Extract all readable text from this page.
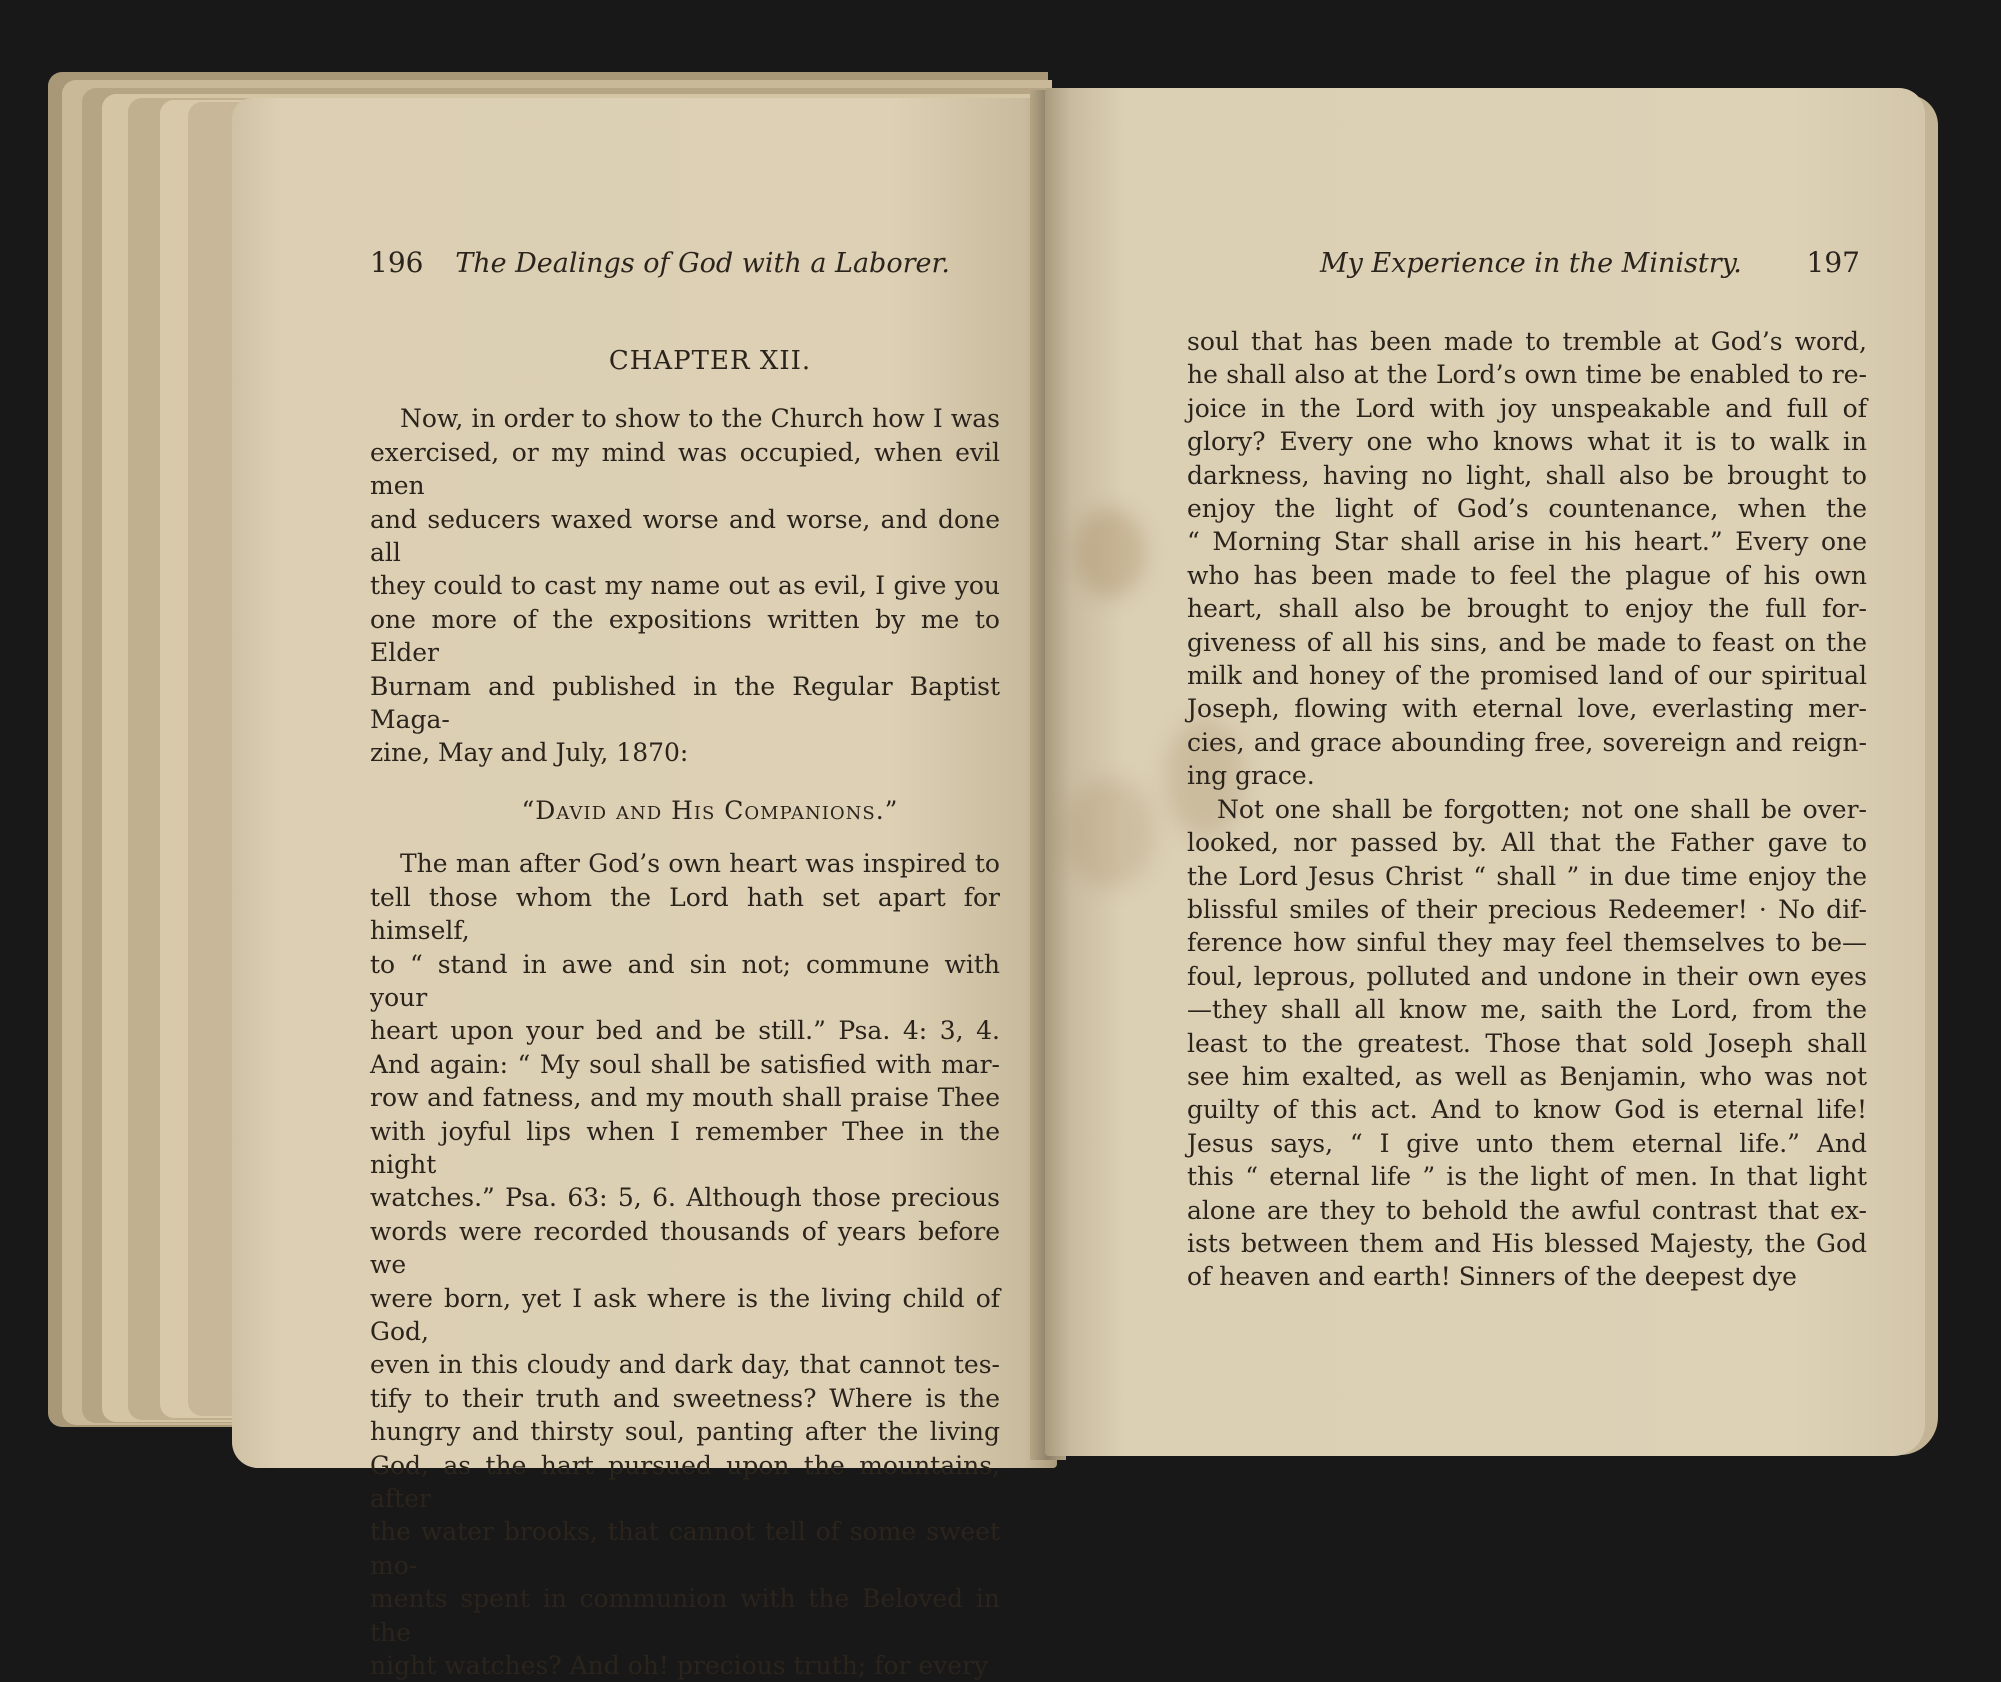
196 The Dealings of God with a Laborer.

CHAPTER XII.

Now, in order to show to the Church how I was
exercised, or my mind was occupied, when evil men
and seducers waxed worse and worse, and done all
they could to cast my name out as evil, I give you
one more of the expositions written by me to Elder
Burnam and published in the Regular Baptist Maga-
zine, May and July, 1870:

“David and His Companions.”

The man after God’s own heart was inspired to
tell those whom the Lord hath set apart for himself,
to “ stand in awe and sin not; commune with your
heart upon your bed and be still.” Psa. 4: 3, 4.
And again: “ My soul shall be satisfied with mar-
row and fatness, and my mouth shall praise Thee
with joyful lips when I remember Thee in the night
watches.” Psa. 63: 5, 6. Although those precious
words were recorded thousands of years before we
were born, yet I ask where is the living child of God,
even in this cloudy and dark day, that cannot tes-
tify to their truth and sweetness? Where is the
hungry and thirsty soul, panting after the living
God, as the hart pursued upon the mountains, after
the water brooks, that cannot tell of some sweet mo-
ments spent in communion with the Beloved in the
night watches? And oh! precious truth; for every
My Experience in the Ministry. 197
soul that has been made to tremble at God’s word,
he shall also at the Lord’s own time be enabled to re-
joice in the Lord with joy unspeakable and full of
glory? Every one who knows what it is to walk in
darkness, having no light, shall also be brought to
enjoy the light of God’s countenance, when the
“ Morning Star shall arise in his heart.” Every one
who has been made to feel the plague of his own
heart, shall also be brought to enjoy the full for-
giveness of all his sins, and be made to feast on the
milk and honey of the promised land of our spiritual
Joseph, flowing with eternal love, everlasting mer-
cies, and grace abounding free, sovereign and reign-
ing grace.
Not one shall be forgotten; not one shall be over-
looked, nor passed by. All that the Father gave to
the Lord Jesus Christ “ shall ” in due time enjoy the
blissful smiles of their precious Redeemer! · No dif-
ference how sinful they may feel themselves to be—
foul, leprous, polluted and undone in their own eyes
—they shall all know me, saith the Lord, from the
least to the greatest. Those that sold Joseph shall
see him exalted, as well as Benjamin, who was not
guilty of this act. And to know God is eternal life!
Jesus says, “ I give unto them eternal life.” And
this “ eternal life ” is the light of men. In that light
alone are they to behold the awful contrast that ex-
ists between them and His blessed Majesty, the God
of heaven and earth! Sinners of the deepest dye
